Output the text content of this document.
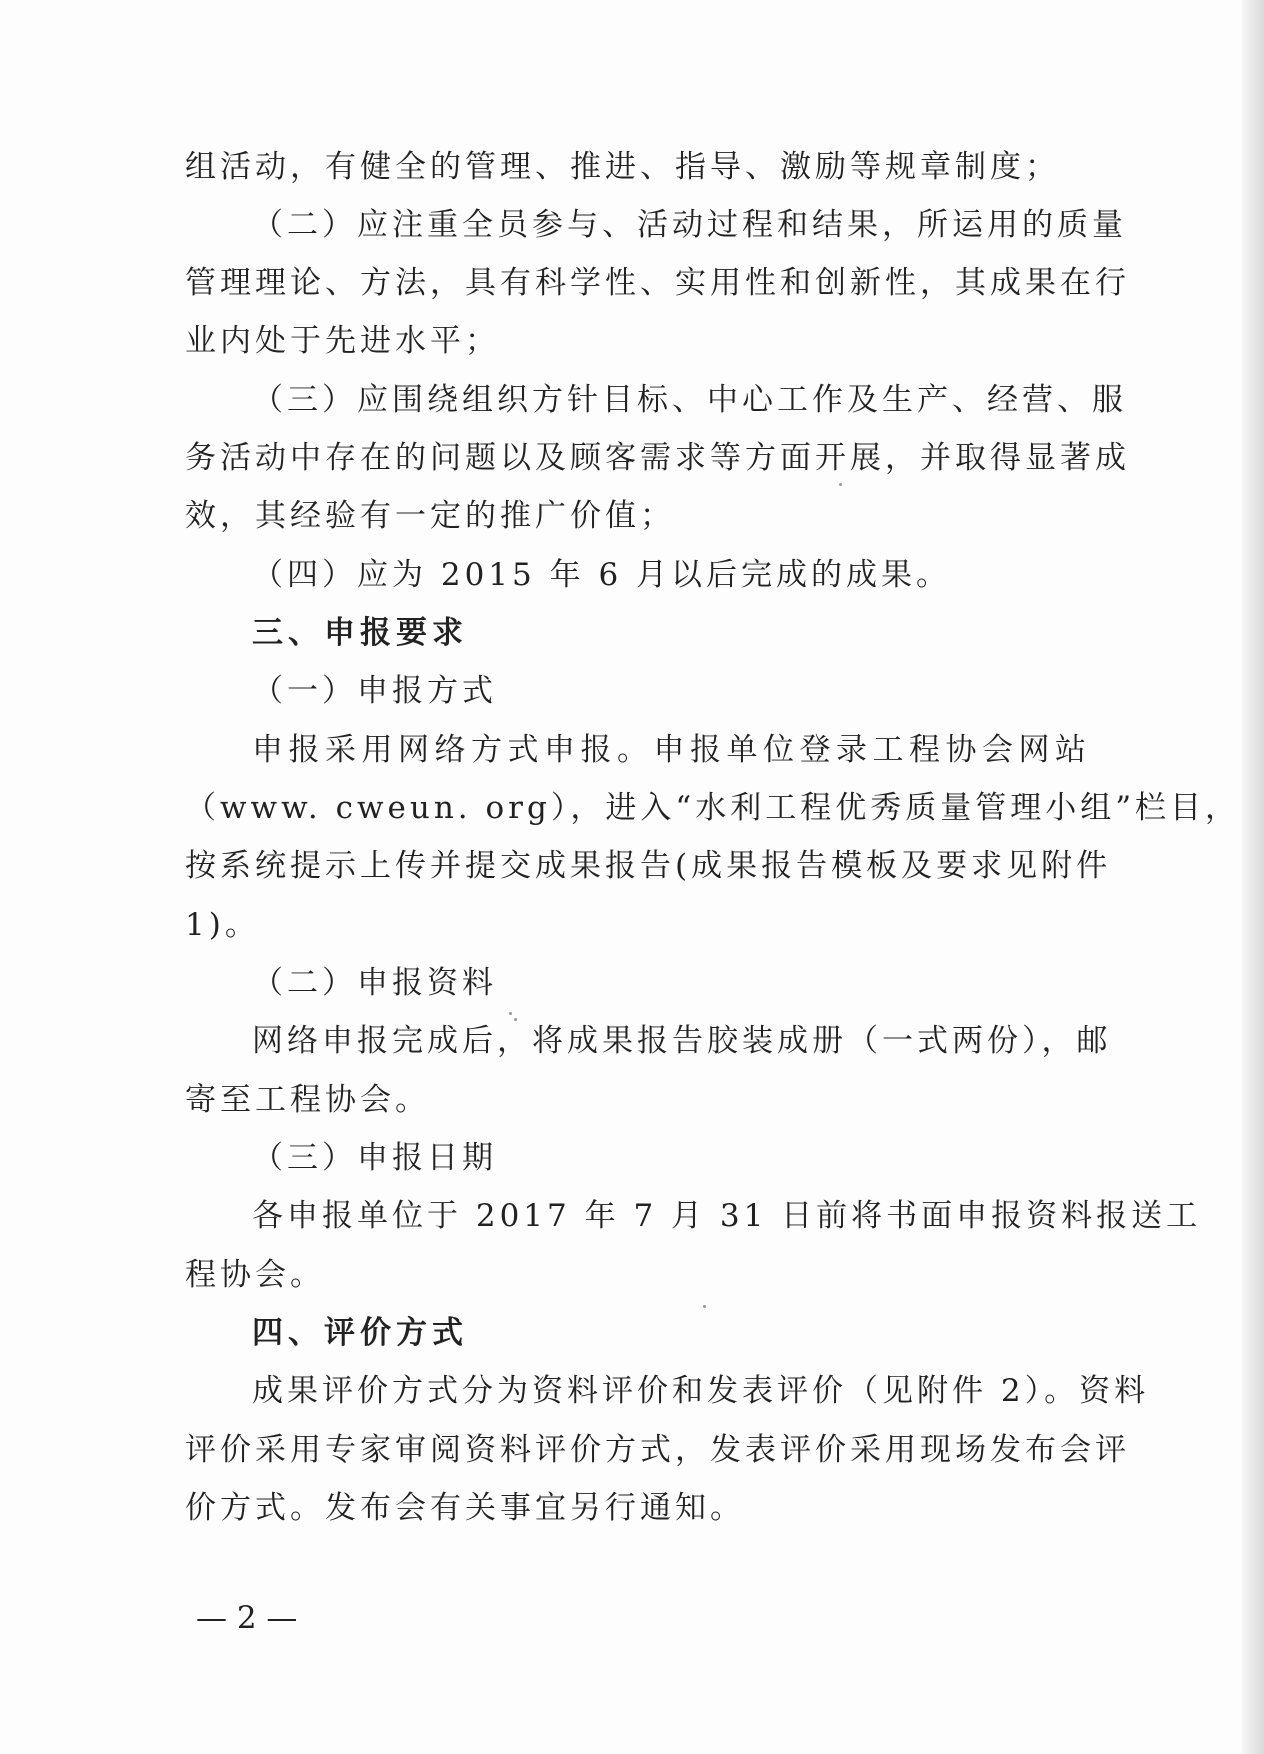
组活动，有健全的管理、推进、指导、激励等规章制度；
（二）应注重全员参与、活动过程和结果，所运用的质量
管理理论、方法，具有科学性、实用性和创新性，其成果在行
业内处于先进水平；
（三）应围绕组织方针目标、中心工作及生产、经营、服
务活动中存在的问题以及顾客需求等方面开展，并取得显著成
效，其经验有一定的推广价值；
（四）应为 2015 年 6 月以后完成的成果。
三、申报要求
（一）申报方式
申报采用网络方式申报。申报单位登录工程协会网站
（www. cweun. org），进入“水利工程优秀质量管理小组”栏目，
按系统提示上传并提交成果报告(成果报告模板及要求见附件
1)。
（二）申报资料
网络申报完成后，将成果报告胶装成册（一式两份），邮
寄至工程协会。
（三）申报日期
各申报单位于 2017 年 7 月 31 日前将书面申报资料报送工
程协会。
四、评价方式
成果评价方式分为资料评价和发表评价（见附件 2）。资料
评价采用专家审阅资料评价方式，发表评价采用现场发布会评
价方式。发布会有关事宜另行通知。
— 2 —
